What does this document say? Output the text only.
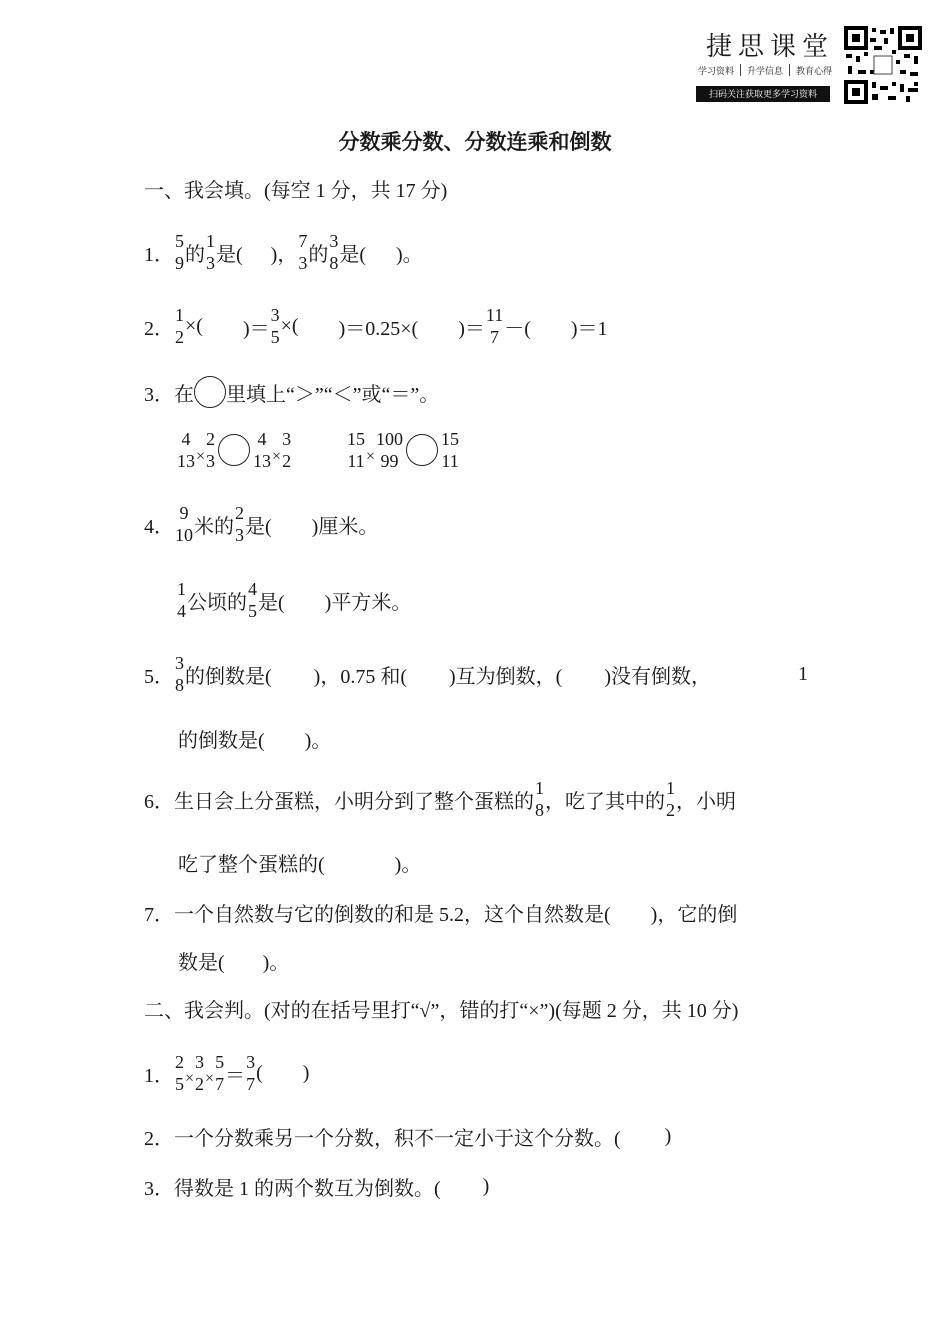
捷思课堂
学习资料 升学信息 教育心得
扫码关注获取更多学习资料
分数乘分数、分数连乘和倒数
一、我会填。(每空 1 分，共 17 分)
1．
5
9 的
1
3 是( )，
7
3 的
3
8 是( )。
2．
1
2
×( )＝
3
5
×( )＝0.25×( )＝
11
7 －( )＝1
3． 在 里填上“＞”“＜”或“＝”。
4
13 ×
2
3
4
13 ×
3
2
15
11 ×
100
99
15
11
4．
9
10 米的
2
3 是( )厘米。
1
4 公顷的
4
5 是( )平方米。
5．
3
8 的倒数是( )，0.75 和( )互为倒数，( )没有倒数，	1
的倒数是( )。
6． 生日会上分蛋糕，小明分到了整个蛋糕的
1
8 ，吃了其中的
1
2 ，小明
吃了整个蛋糕的(	)。
7． 一个自然数与它的倒数的和是 5.2，这个自然数是( )，它的倒
数是( )。
二、我会判。(对的在括号里打“√”，错的打“×”)(每题 2 分，共 10 分)
1．
2
5 ×
3
2 ×
5
7 ＝
3
7
( )
2． 一个分数乘另一个分数，积不一定小于这个分数。( )
3． 得数是 1 的两个数互为倒数。( )
